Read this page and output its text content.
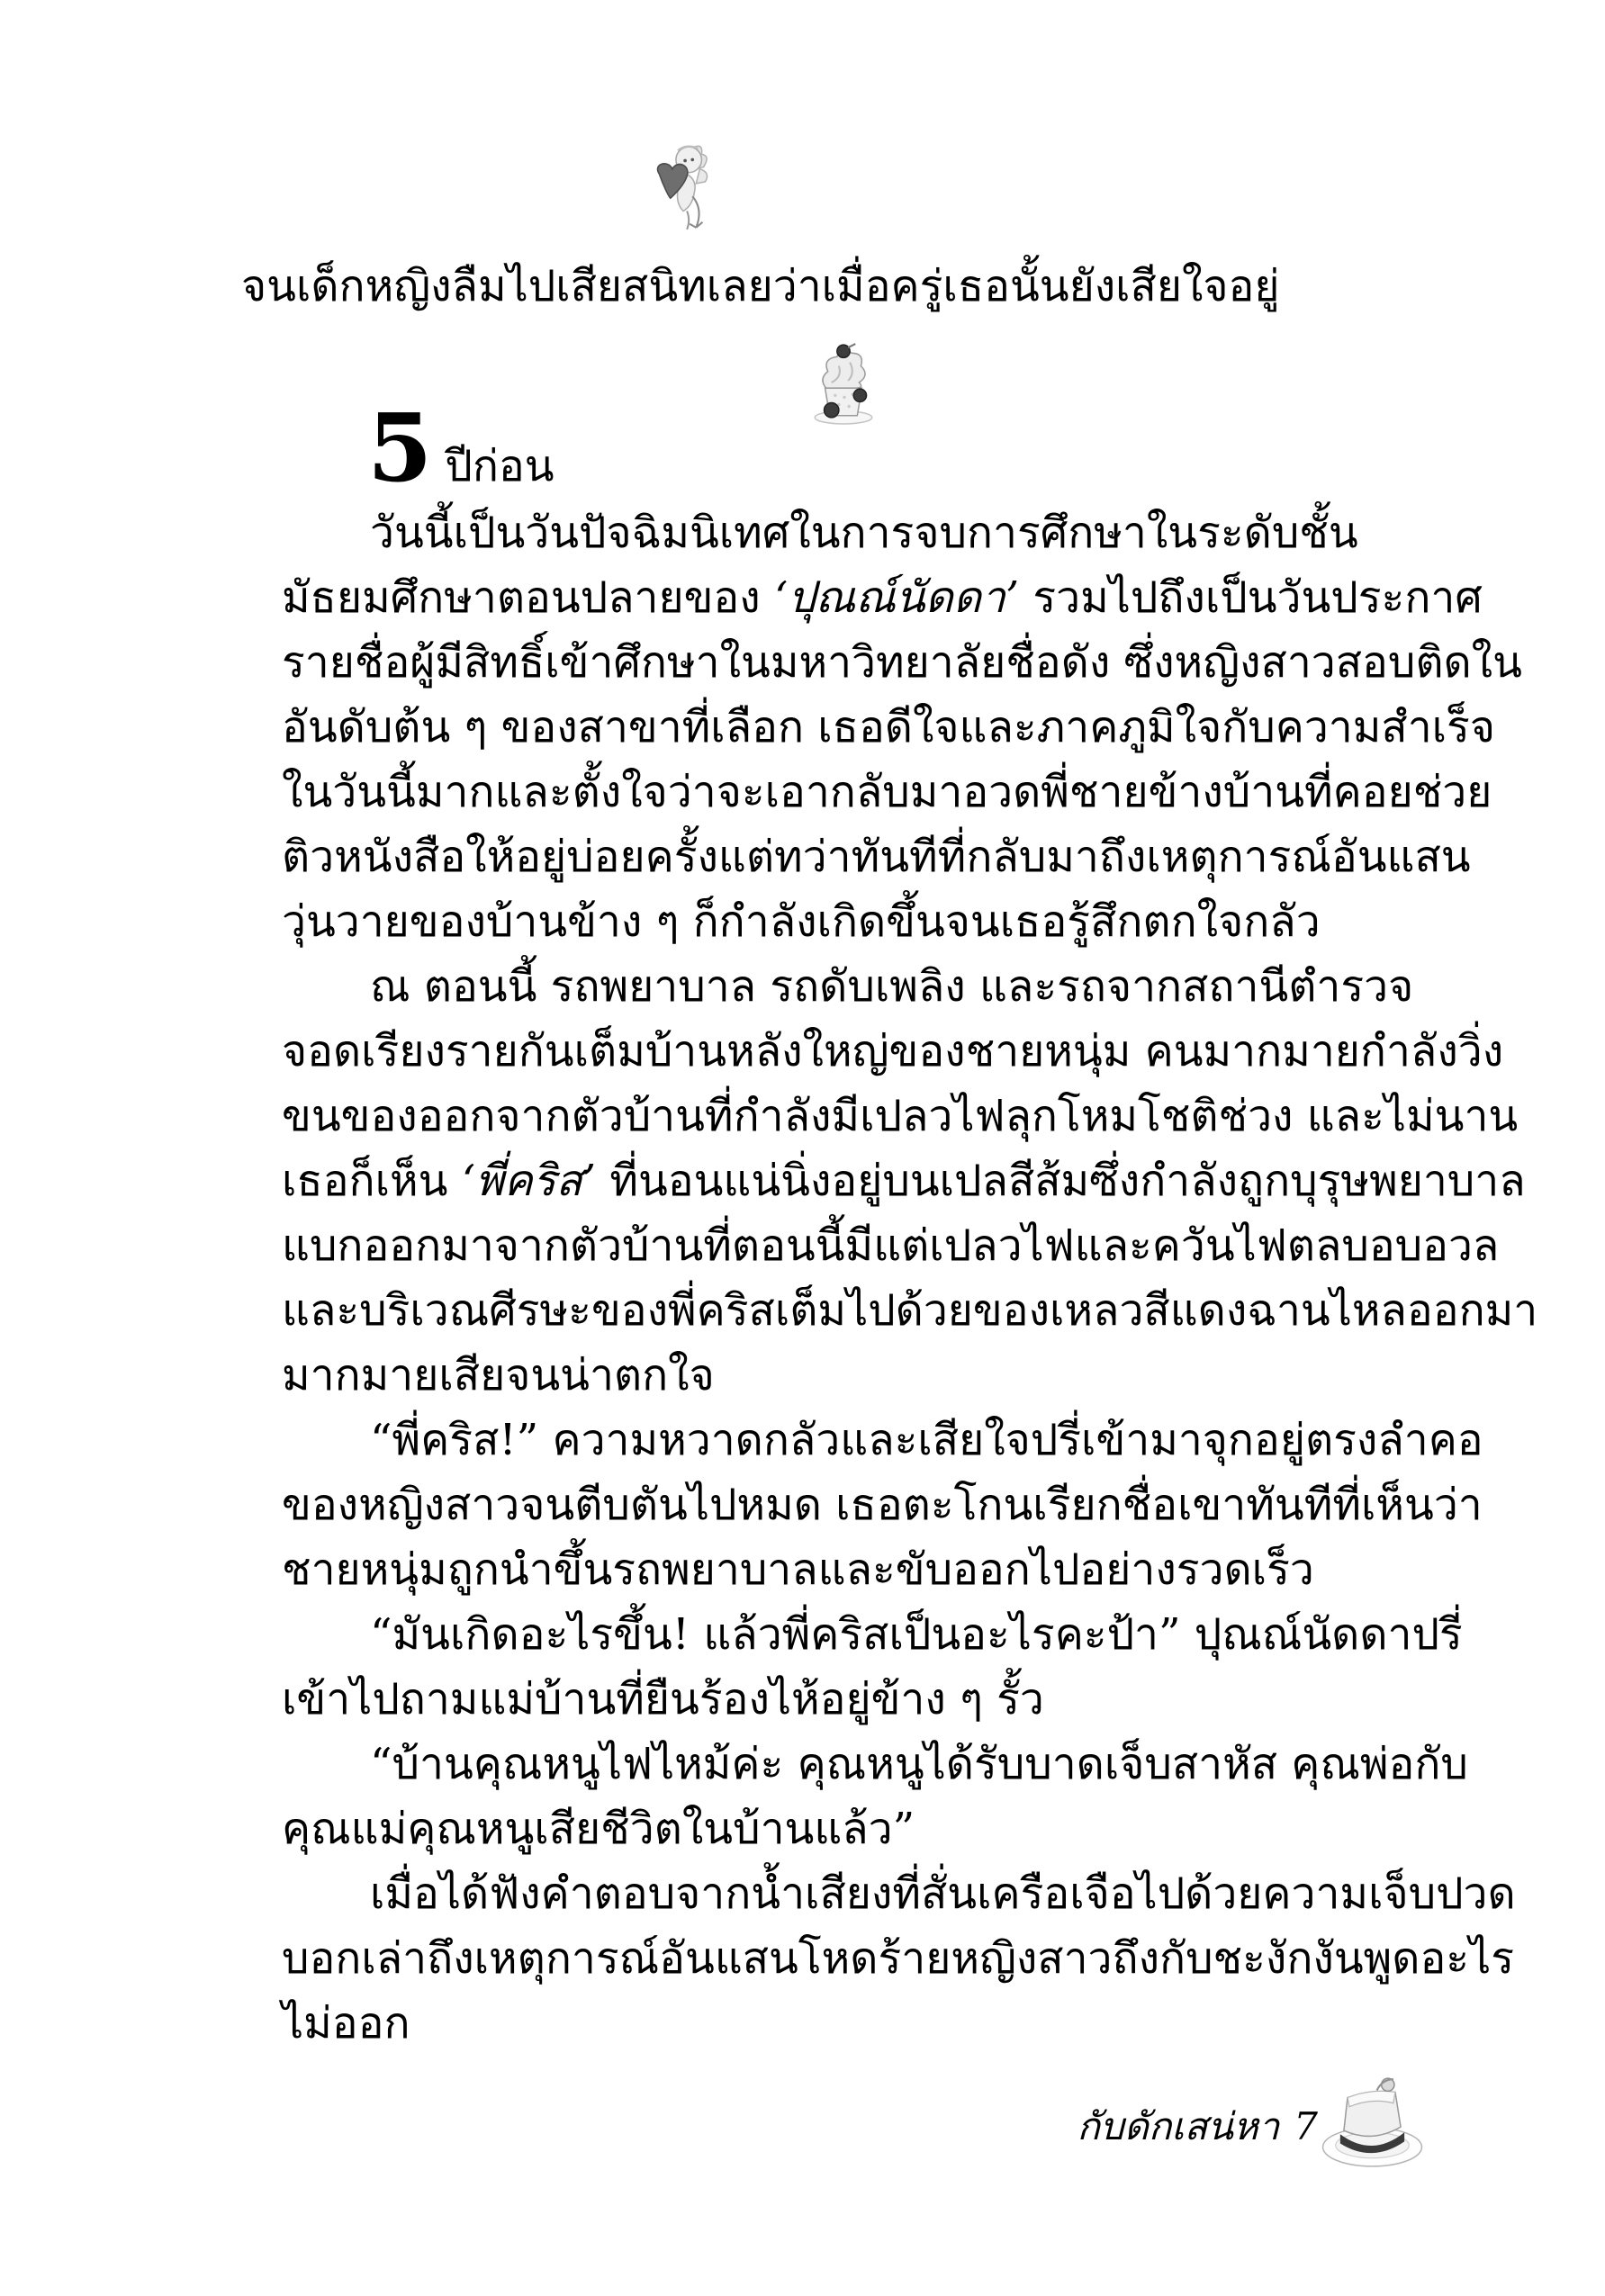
จนเด็กหญิงลืมไปเสียสนิทเลยว่าเมื่อครู่เธอนั้นยังเสียใจอยู่
5 ปีก่อน
วันนี้เป็นวันปัจฉิมนิเทศในการจบการศึกษาในระดับชั้น
มัธยมศึกษาตอนปลายของ ‘ปุณณ์นัดดา’ รวมไปถึงเป็นวันประกาศ
รายชื่อผู้มีสิทธิ์เข้าศึกษาในมหาวิทยาลัยชื่อดัง ซึ่งหญิงสาวสอบติดใน
อันดับต้น ๆ ของสาขาที่เลือก เธอดีใจและภาคภูมิใจกับความสำเร็จ
ในวันนี้มากและตั้งใจว่าจะเอากลับมาอวดพี่ชายข้างบ้านที่คอยช่วย
ติวหนังสือให้อยู่บ่อยครั้งแต่ทว่าทันทีที่กลับมาถึงเหตุการณ์อันแสน
วุ่นวายของบ้านข้าง ๆ ก็กำลังเกิดขึ้นจนเธอรู้สึกตกใจกลัว
ณ ตอนนี้ รถพยาบาล รถดับเพลิง และรถจากสถานีตำรวจ
จอดเรียงรายกันเต็มบ้านหลังใหญ่ของชายหนุ่ม คนมากมายกำลังวิ่ง
ขนของออกจากตัวบ้านที่กำลังมีเปลวไฟลุกโหมโชติช่วง และไม่นาน
เธอก็เห็น ‘พี่คริส’ ที่นอนแน่นิ่งอยู่บนเปลสีส้มซึ่งกำลังถูกบุรุษพยาบาล
แบกออกมาจากตัวบ้านที่ตอนนี้มีแต่เปลวไฟและควันไฟตลบอบอวล
และบริเวณศีรษะของพี่คริสเต็มไปด้วยของเหลวสีแดงฉานไหลออกมา
มากมายเสียจนน่าตกใจ
“พี่คริส!” ความหวาดกลัวและเสียใจปรี่เข้ามาจุกอยู่ตรงลำคอ
ของหญิงสาวจนตีบตันไปหมด เธอตะโกนเรียกชื่อเขาทันทีที่เห็นว่า
ชายหนุ่มถูกนำขึ้นรถพยาบาลและขับออกไปอย่างรวดเร็ว
“มันเกิดอะไรขึ้น! แล้วพี่คริสเป็นอะไรคะป้า” ปุณณ์นัดดาปรี่
เข้าไปถามแม่บ้านที่ยืนร้องไห้อยู่ข้าง ๆ รั้ว
“บ้านคุณหนูไฟไหม้ค่ะ คุณหนูได้รับบาดเจ็บสาหัส คุณพ่อกับ
คุณแม่คุณหนูเสียชีวิตในบ้านแล้ว”
เมื่อได้ฟังคำตอบจากน้ำเสียงที่สั่นเครือเจือไปด้วยความเจ็บปวด
บอกเล่าถึงเหตุการณ์อันแสนโหดร้ายหญิงสาวถึงกับชะงักงันพูดอะไร
ไม่ออก
กับดักเสน่หา 7
